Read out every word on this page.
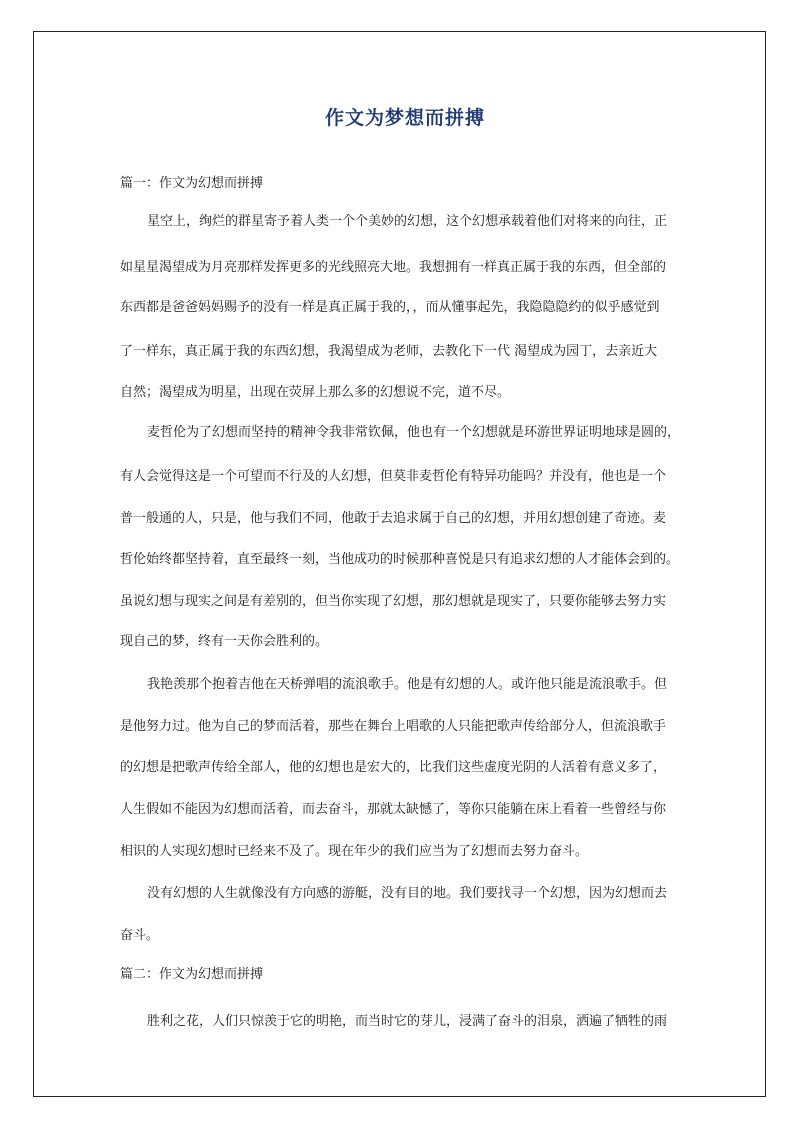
作文为梦想而拼搏
篇一：作文为幻想而拼搏
星空上，绚烂的群星寄予着人类一个个美妙的幻想，这个幻想承载着他们对将来的向往，正
如星星渴望成为月亮那样发挥更多的光线照亮大地。我想拥有一样真正属于我的东西，但全部的
东西都是爸爸妈妈赐予的没有一样是真正属于我的，，而从懂事起先，我隐隐隐约的似乎感觉到
了一样东，真正属于我的东西幻想，我渴望成为老师，去教化下一代 渴望成为园丁，去亲近大
自然；渴望成为明星，出现在荧屏上那么多的幻想说不完，道不尽。
麦哲伦为了幻想而坚持的精神令我非常钦佩，他也有一个幻想就是环游世界证明地球是圆的，
有人会觉得这是一个可望而不行及的人幻想，但莫非麦哲伦有特异功能吗？并没有，他也是一个
普一般通的人，只是，他与我们不同，他敢于去追求属于自己的幻想，并用幻想创建了奇迹。麦
哲伦始终都坚持着，直至最终一刻，当他成功的时候那种喜悦是只有追求幻想的人才能体会到的。
虽说幻想与现实之间是有差别的，但当你实现了幻想，那幻想就是现实了，只要你能够去努力实
现自己的梦，终有一天你会胜利的。
我艳羡那个抱着吉他在天桥弹唱的流浪歌手。他是有幻想的人。或许他只能是流浪歌手。但
是他努力过。他为自己的梦而活着，那些在舞台上唱歌的人只能把歌声传给部分人，但流浪歌手
的幻想是把歌声传给全部人，他的幻想也是宏大的，比我们这些虚度光阴的人活着有意义多了，
人生假如不能因为幻想而活着，而去奋斗，那就太缺憾了，等你只能躺在床上看着一些曾经与你
相识的人实现幻想时已经来不及了。现在年少的我们应当为了幻想而去努力奋斗。
没有幻想的人生就像没有方向感的游艇，没有目的地。我们要找寻一个幻想，因为幻想而去
奋斗。
篇二：作文为幻想而拼搏
胜利之花，人们只惊羡于它的明艳，而当时它的芽儿，浸满了奋斗的泪泉，洒遍了牺牲的雨
